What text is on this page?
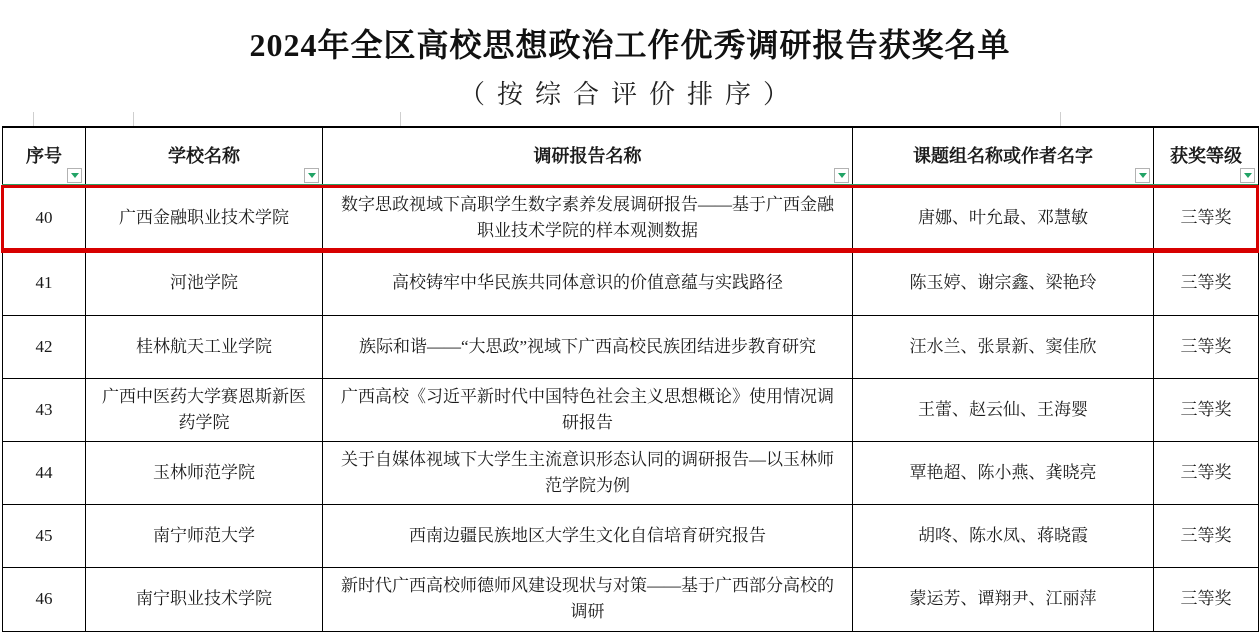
2024年全区高校思想政治工作优秀调研报告获奖名单
（按综合评价排序）
序号	学校名称	调研报告名称	课题组名称或作者名字	获奖等级

40	广西金融职业技术学院	数字思政视域下高职学生数字素养发展调研报告——基于广西金融职业技术学院的样本观测数据	唐娜、叶允最、邓慧敏	三等奖
41	河池学院	高校铸牢中华民族共同体意识的价值意蕴与实践路径	陈玉婷、谢宗鑫、梁艳玲	三等奖
42	桂林航天工业学院	族际和谐——“大思政”视域下广西高校民族团结进步教育研究	汪水兰、张景新、窦佳欣	三等奖
43	广西中医药大学赛恩斯新医药学院	广西高校《习近平新时代中国特色社会主义思想概论》使用情况调研报告	王蕾、赵云仙、王海婴	三等奖
44	玉林师范学院	关于自媒体视域下大学生主流意识形态认同的调研报告—以玉林师范学院为例	覃艳超、陈小燕、龚晓亮	三等奖
45	南宁师范大学	西南边疆民族地区大学生文化自信培育研究报告	胡咚、陈水凤、蒋晓霞	三等奖
46	南宁职业技术学院	新时代广西高校师德师风建设现状与对策——基于广西部分高校的调研	蒙运芳、谭翔尹、江丽萍	三等奖
